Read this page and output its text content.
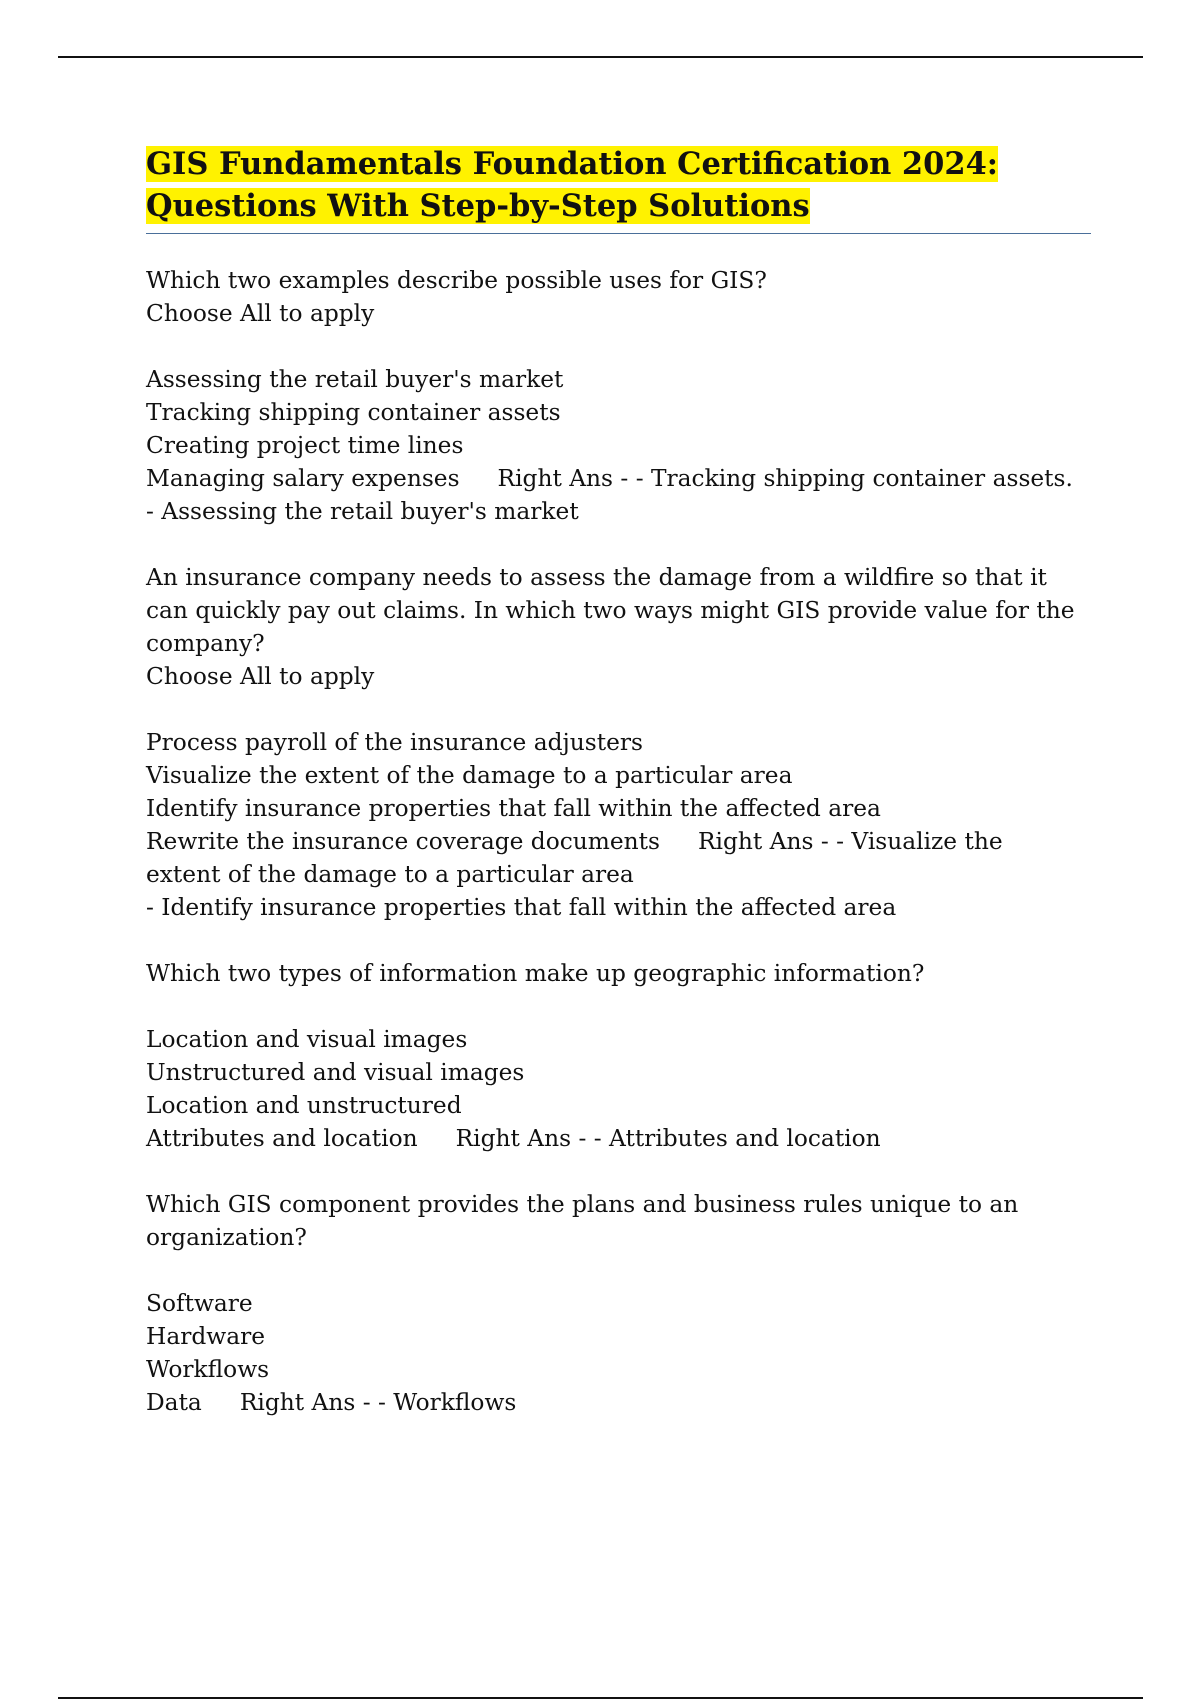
GIS Fundamentals Foundation Certification 2024:
Questions With Step-by-Step Solutions
Which two examples describe possible uses for GIS?
Choose All to apply
Assessing the retail buyer's market
Tracking shipping container assets
Creating project time lines
Managing salary expenses Right Ans - - Tracking shipping container assets.
- Assessing the retail buyer's market
An insurance company needs to assess the damage from a wildfire so that it
can quickly pay out claims. In which two ways might GIS provide value for the
company?
Choose All to apply
Process payroll of the insurance adjusters
Visualize the extent of the damage to a particular area
Identify insurance properties that fall within the affected area
Rewrite the insurance coverage documents Right Ans - - Visualize the
extent of the damage to a particular area
- Identify insurance properties that fall within the affected area
Which two types of information make up geographic information?
Location and visual images
Unstructured and visual images
Location and unstructured
Attributes and location Right Ans - - Attributes and location
Which GIS component provides the plans and business rules unique to an
organization?
Software
Hardware
Workflows
Data Right Ans - - Workflows
